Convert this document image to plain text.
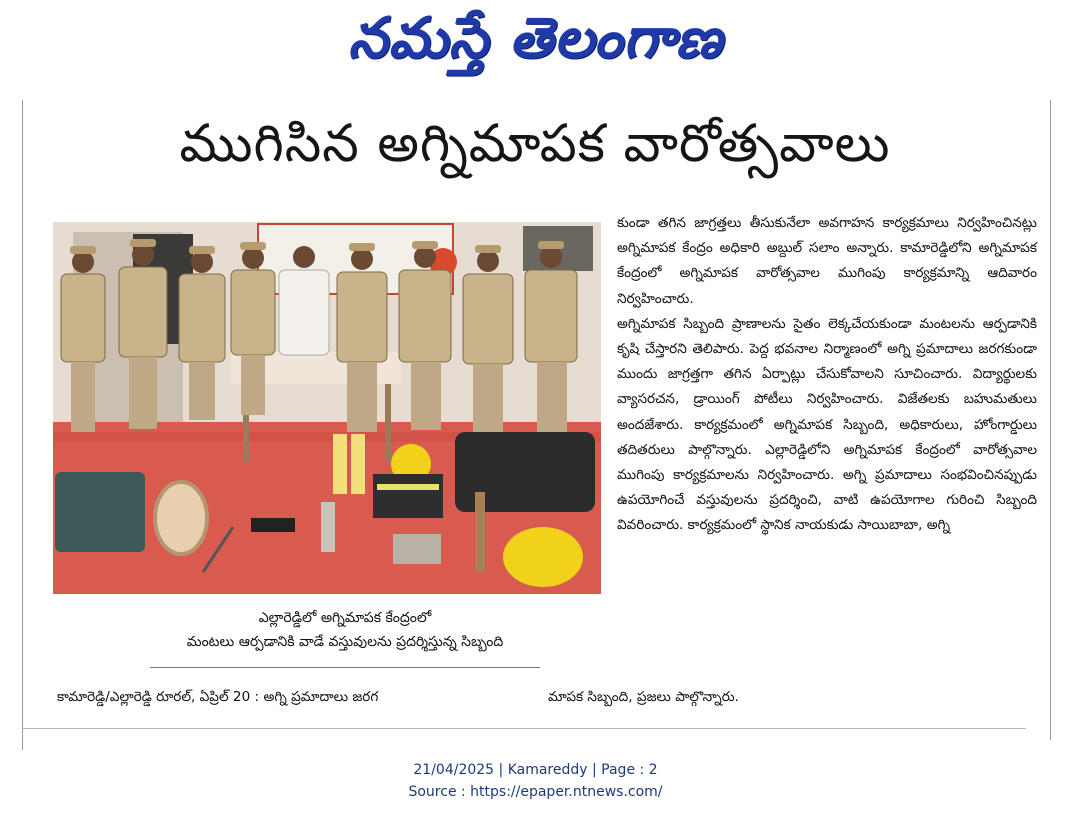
నమస్తే తెలంగాణ
ముగిసిన అగ్నిమాపక వారోత్సవాలు
ఎల్లారెడ్డిలో అగ్నిమాపక కేంద్రంలో
మంటలు ఆర్పడానికి వాడే వస్తువులను ప్రదర్శిస్తున్న సిబ్బంది

కుండా తగిన జాగ్రత్తలు తీసుకునేలా అవగాహన కార్యక్రమాలు నిర్వహించినట్లు అగ్నిమాపక కేంద్రం అధికారి అబ్దుల్ సలాం అన్నారు. కామారెడ్డిలోని అగ్నిమాపక కేంద్రంలో అగ్నిమాపక వారోత్సవాల ముగింపు కార్యక్రమాన్ని ఆదివారం నిర్వహించారు.

అగ్నిమాపక సిబ్బంది ప్రాణాలను సైతం లెక్కచేయకుండా మంటలను ఆర్పడానికి కృషి చేస్తారని తెలిపారు. పెద్ద భవనాల నిర్మాణంలో అగ్ని ప్రమాదాలు జరగకుండా ముందు జాగ్రత్తగా తగిన ఏర్పాట్లు చేసుకోవాలని సూచించారు. విద్యార్థులకు వ్యాసరచన, డ్రాయింగ్ పోటీలు నిర్వహించారు. విజేతలకు బహుమతులు అందజేశారు. కార్యక్రమంలో అగ్నిమాపక సిబ్బంది, అధికారులు, హోంగార్డులు తదితరులు పాల్గొన్నారు. ఎల్లారెడ్డిలోని అగ్నిమాపక కేంద్రంలో వారోత్సవాల ముగింపు కార్యక్రమాలను నిర్వహించారు. అగ్ని ప్రమాదాలు సంభవించినప్పుడు ఉపయోగించే వస్తువులను ప్రదర్శించి, వాటి ఉపయోగాల గురించి సిబ్బంది వివరించారు. కార్యక్రమంలో స్థానిక నాయకుడు సాయిబాబా, అగ్ని

కామారెడ్డి/ఎల్లారెడ్డి రూరల్, ఏప్రిల్ 20 : అగ్ని ప్రమాదాలు జరగ	మాపక సిబ్బంది, ప్రజలు పాల్గొన్నారు.
21/04/2025 | Kamareddy | Page : 2
Source : https://epaper.ntnews.com/
